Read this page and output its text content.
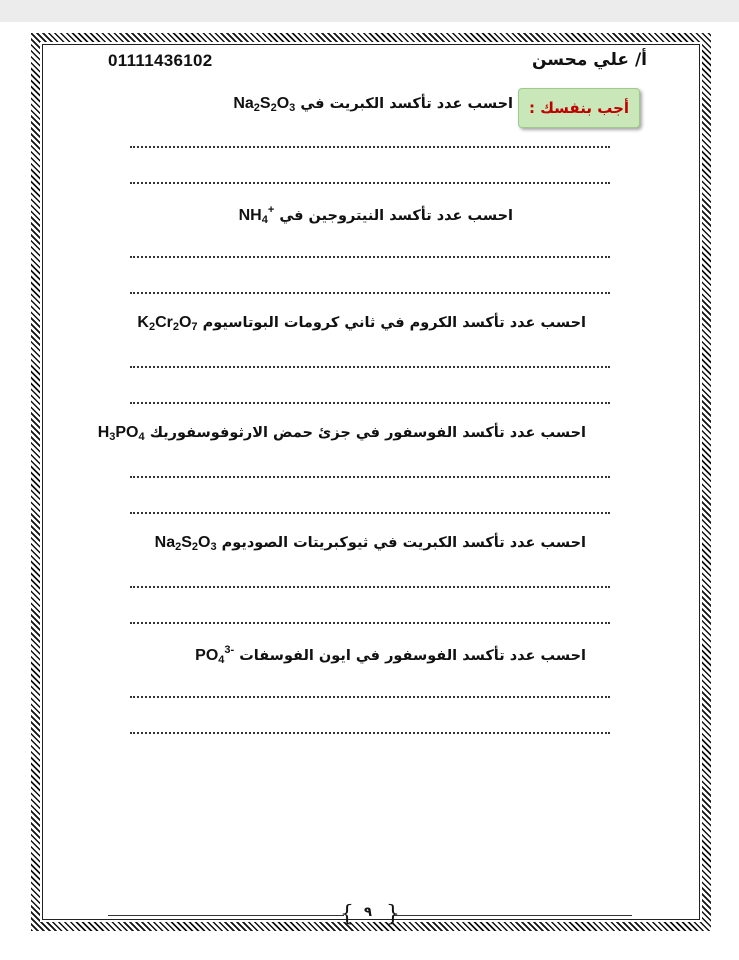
01111436102	أ/ علي محسن
أجب بنفسك :
احسب عدد تأكسد الكبريت في $Na_2S_2O_3$
احسب عدد تأكسد النيتروجين في $NH_4^+$
احسب عدد تأكسد الكروم في ثاني كرومات البوتاسيوم $K_2Cr_2O_7$
احسب عدد تأكسد الفوسفور في جزئ حمض الارثوفوسفوريك $H_3PO_4$
احسب عدد تأكسد الكبريت في ثيوكبريتات الصوديوم $Na_2S_2O_3$
احسب عدد تأكسد الفوسفور في ايون الفوسفات $PO_4^{3-}$
{ }
٩
